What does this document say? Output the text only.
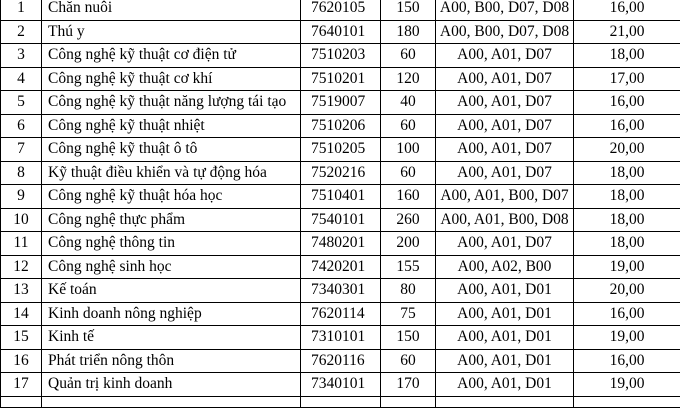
1	Chăn nuôi	7620105	150	A00, B00, D07, D08	16,00
2	Thú y	7640101	180	A00, B00, D07, D08	21,00
3	Công nghệ kỹ thuật cơ điện tử	7510203	60	A00, A01, D07	18,00
4	Công nghệ kỹ thuật cơ khí	7510201	120	A00, A01, D07	17,00
5	Công nghệ kỹ thuật năng lượng tái tạo	7519007	40	A00, A01, D07	16,00
6	Công nghệ kỹ thuật nhiệt	7510206	60	A00, A01, D07	16,00
7	Công nghệ kỹ thuật ô tô	7510205	100	A00, A01, D07	20,00
8	Kỹ thuật điều khiển và tự động hóa	7520216	60	A00, A01, D07	18,00
9	Công nghệ kỹ thuật hóa học	7510401	160	A00, A01, B00, D07	18,00
10	Công nghệ thực phẩm	7540101	260	A00, A01, B00, D08	18,00
11	Công nghệ thông tin	7480201	200	A00, A01, D07	18,00
12	Công nghệ sinh học	7420201	155	A00, A02, B00	19,00
13	Kế toán	7340301	80	A00, A01, D01	20,00
14	Kinh doanh nông nghiệp	7620114	75	A00, A01, D01	16,00
15	Kinh tế	7310101	150	A00, A01, D01	19,00
16	Phát triển nông thôn	7620116	60	A00, A01, D01	16,00
17	Quản trị kinh doanh	7340101	170	A00, A01, D01	19,00
